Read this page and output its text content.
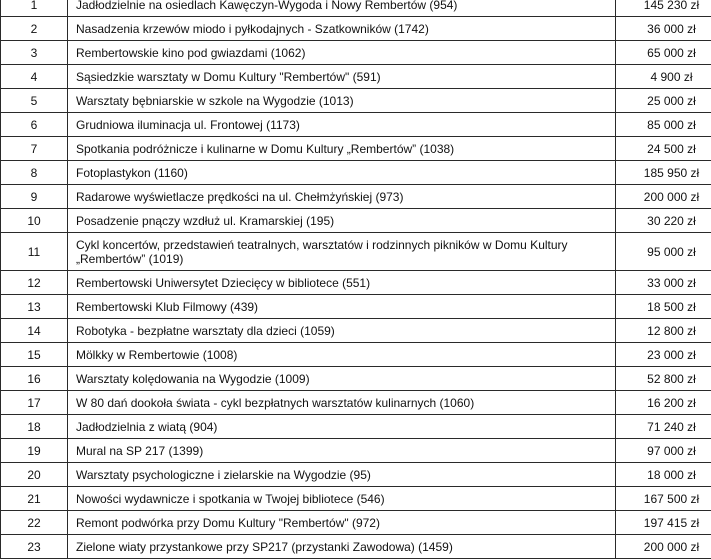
1	Jadłodzielnie na osiedlach Kawęczyn-Wygoda i Nowy Rembertów (954)	145 230 zł
2	Nasadzenia krzewów miodo i pyłkodajnych - Szatkowników (1742)	36 000 zł
3	Rembertowskie kino pod gwiazdami (1062)	65 000 zł
4	Sąsiedzkie warsztaty w Domu Kultury "Rembertów" (591)	4 900 zł
5	Warsztaty bębniarskie w szkole na Wygodzie (1013)	25 000 zł
6	Grudniowa iluminacja ul. Frontowej (1173)	85 000 zł
7	Spotkania podróżnicze i kulinarne w Domu Kultury „Rembertów” (1038)	24 500 zł
8	Fotoplastykon (1160)	185 950 zł
9	Radarowe wyświetlacze prędkości na ul. Chełmżyńskiej (973)	200 000 zł
10	Posadzenie pnączy wzdłuż ul. Kramarskiej (195)	30 220 zł
11	Cykl koncertów, przedstawień teatralnych, warsztatów i rodzinnych pikników w Domu Kultury „Rembertów” (1019)	95 000 zł
12	Rembertowski Uniwersytet Dziecięcy w bibliotece (551)	33 000 zł
13	Rembertowski Klub Filmowy (439)	18 500 zł
14	Robotyka - bezpłatne warsztaty dla dzieci (1059)	12 800 zł
15	Mölkky w Rembertowie (1008)	23 000 zł
16	Warsztaty kolędowania na Wygodzie (1009)	52 800 zł
17	W 80 dań dookoła świata - cykl bezpłatnych warsztatów kulinarnych (1060)	16 200 zł
18	Jadłodzielnia z wiatą (904)	71 240 zł
19	Mural na SP 217 (1399)	97 000 zł
20	Warsztaty psychologiczne i zielarskie na Wygodzie (95)	18 000 zł
21	Nowości wydawnicze i spotkania w Twojej bibliotece (546)	167 500 zł
22	Remont podwórka przy Domu Kultury "Rembertów" (972)	197 415 zł
23	Zielone wiaty przystankowe przy SP217 (przystanki Zawodowa) (1459)	200 000 zł
